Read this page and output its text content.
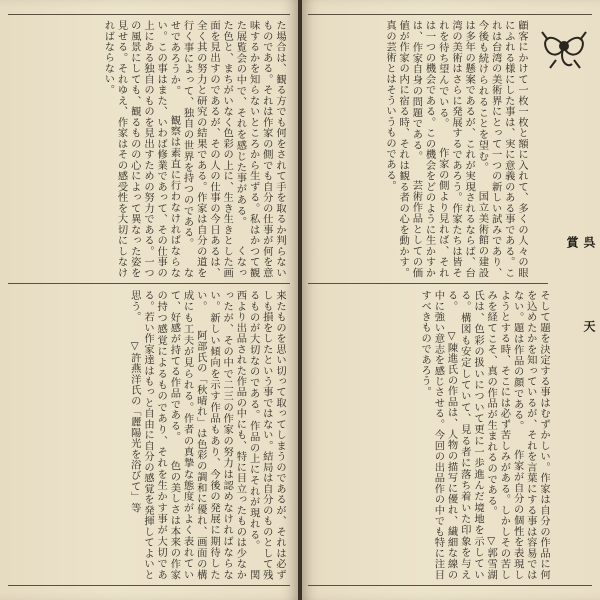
た場合は、観る方でも何をされて手を取るか判らないものである。それは作家の側でも自分の仕事が何を意味するかを知らないところから生ずる。私はかつて観た展覧会の中で、それを感じた事がある。　 くなった色と、まちがいなく色彩の上に、生き生きとした画面を見出すのであるが、その人の仕事の今日あるは、全く其の努力と研究の結果である。作家は自分の道を行く事によって、独自の世界を持つのである。　 なせであろうか。　 観察は素直に行わなければならない。この事はまた、いわば修業であって、その仕事の上にある独自のものを見出すための努力である。一つの風景にしても、観るものの心によって異なった姿を見せる。それゆえ、作家はその感受性を大切にしなければならない。
来たものを思い切って取ってしまうのであるが、それは必ずしも損をしたという事ではない。結局は自分のものとして残るものが大切なのである。作品の上にそれが現れる。　 関西より出品された作品の中にも、特に目立ったものは少なかったが、その中で二三の作家の努力は認めなければならない。新しい傾向を示す作品もあり、今後の発展に期待したい。　 阿部氏の「秋晴れ」は色彩の調和に優れ、画面の構成にも工夫が見られる。作者の真摯な態度がよく表れていて、好感が持てる作品である。　 色の美しさは本来の作家の持つ感覚によるものであり、それを生かす事が大切である。若い作家達はもっと自由に自分の感覚を発揮してよいと思う。　 ▽許燕洋氏の「麗陽光を浴びて」等
顧客にかけて一枚一枚と額に入れて、多くの人々の眼にふれる様にした事は、実に意義のある事である。これは台湾の美術界にとって一つの新しい試みであり、今後も続けられることを望む。　 国立美術館の建設は多年の懸案であるが、これが実現されるならば、台湾の美術はさらに発展するであろう。作家たちは皆それを待ち望んでいる。　 作家の側より見れば、それは一つの機会である。この機会をどのように生かすかは、作家自身の問題である。　 芸術作品としての価値が作家の内に宿る時、それは観る者の心を動かす。真の芸術とはそういうものである。
呉　天　賞
そして題を決定する事はむずかしい。作家は自分の作品に何を込めたかを知っているが、それを言葉にする事は容易ではない。題は作品の顔である。　 作家が自分の個性を表現しようとする時、そこには必ず苦しみがある。しかしその苦しみを経てこそ、真の作品が生まれるのである。　 ▽郭雪湖氏は、色彩の扱いについて更に一歩進んだ境地を示している。構図も安定していて、見る者に落ち着いた印象を与える。　 ▽陳進氏の作品は、人物の描写に優れ、繊細な線の中に強い意志を感じさせる。今回の出品作の中でも特に注目すべきものであろう。
